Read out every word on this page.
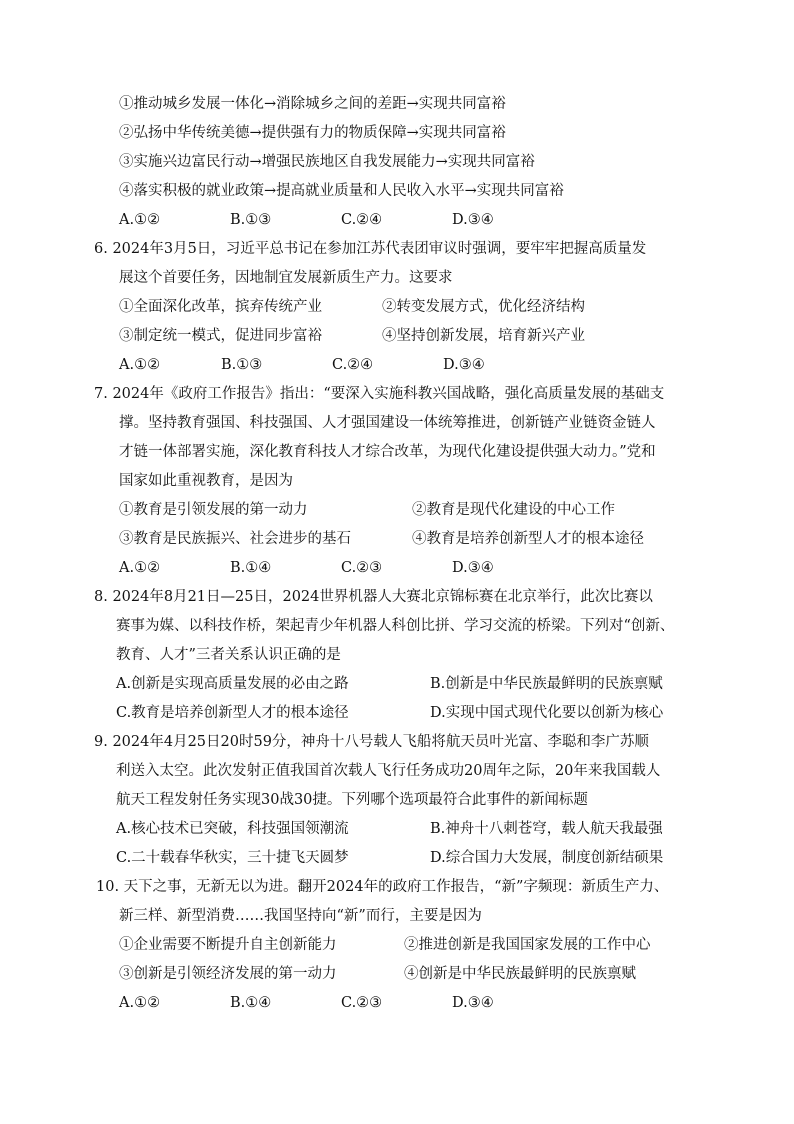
①推动城乡发展一体化→消除城乡之间的差距→实现共同富裕
②弘扬中华传统美德→提供强有力的物质保障→实现共同富裕
③实施兴边富民行动→增强民族地区自我发展能力→实现共同富裕
④落实积极的就业政策→提高就业质量和人民收入水平→实现共同富裕
A.①②	B.①③	C.②④	D.③④
6. 2024年3月5日，习近平总书记在参加江苏代表团审议时强调，要牢牢把握高质量发
展这个首要任务，因地制宜发展新质生产力。这要求
①全面深化改革，摈弃传统产业	②转变发展方式，优化经济结构
③制定统一模式，促进同步富裕	④坚持创新发展，培育新兴产业
A.①②	B.①③	C.②④	D.③④
7. 2024年《政府工作报告》指出：“要深入实施科教兴国战略，强化高质量发展的基础支
撑。坚持教育强国、科技强国、人才强国建设一体统筹推进，创新链产业链资金链人
才链一体部署实施，深化教育科技人才综合改革，为现代化建设提供强大动力。”党和
国家如此重视教育，是因为
①教育是引领发展的第一动力	②教育是现代化建设的中心工作
③教育是民族振兴、社会进步的基石	④教育是培养创新型人才的根本途径
A.①②	B.①④	C.②③	D.③④
8. 2024年8月21日—25日，2024世界机器人大赛北京锦标赛在北京举行，此次比赛以
赛事为媒、以科技作桥，架起青少年机器人科创比拼、学习交流的桥梁。下列对“创新、
教育、人才”三者关系认识正确的是
A.创新是实现高质量发展的必由之路	B.创新是中华民族最鲜明的民族禀赋
C.教育是培养创新型人才的根本途径	D.实现中国式现代化要以创新为核心
9. 2024年4月25日20时59分，神舟十八号载人飞船将航天员叶光富、李聪和李广苏顺
利送入太空。此次发射正值我国首次载人飞行任务成功20周年之际，20年来我国载人
航天工程发射任务实现30战30捷。下列哪个选项最符合此事件的新闻标题
A.核心技术已突破，科技强国领潮流	B.神舟十八刺苍穹，载人航天我最强
C.二十载春华秋实，三十捷飞天圆梦	D.综合国力大发展，制度创新结硕果
10. 天下之事，无新无以为进。翻开2024年的政府工作报告，“新”字频现：新质生产力、
新三样、新型消费……我国坚持向“新”而行，主要是因为
①企业需要不断提升自主创新能力	②推进创新是我国国家发展的工作中心
③创新是引领经济发展的第一动力	④创新是中华民族最鲜明的民族禀赋
A.①②	B.①④	C.②③	D.③④
